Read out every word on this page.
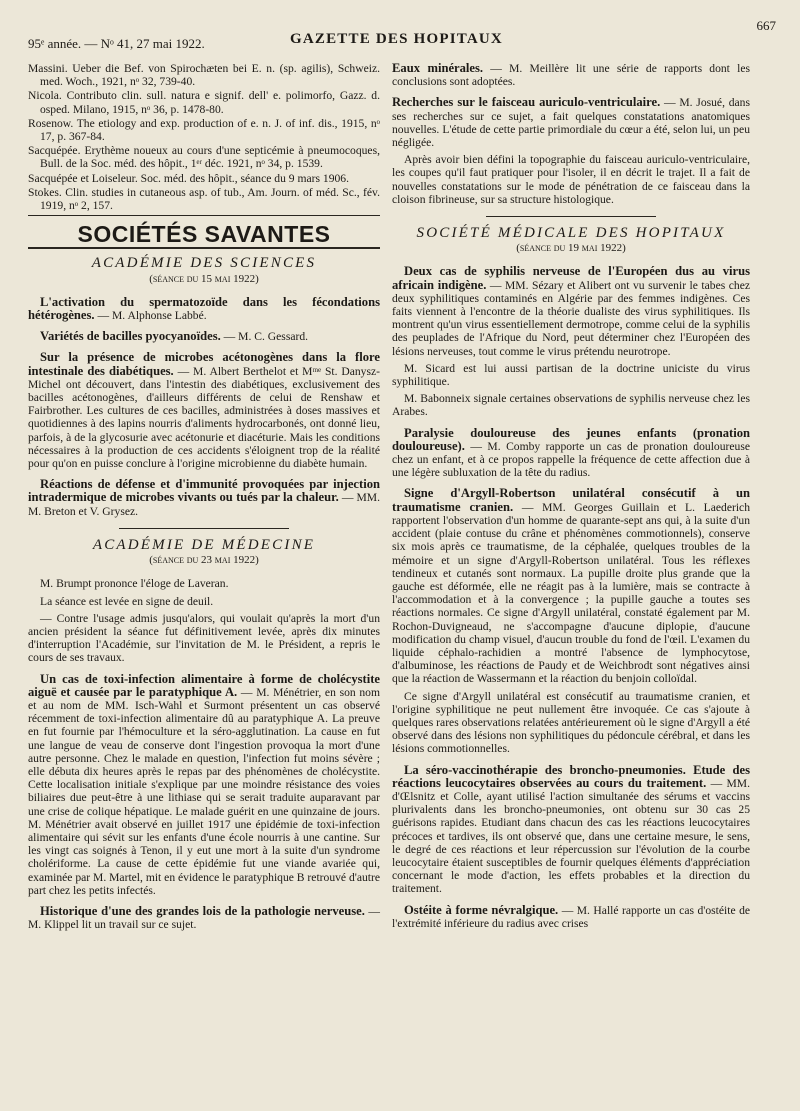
95ᵉ année. — Nᵒ 41, 27 mai 1922.	GAZETTE DES HOPITAUX
667

Massini. Ueber die Bef. von Spirochæten bei E. n. (sp. agilis), Schweiz. med. Woch., 1921, nᵒ 32, 739-40.

Nicola. Contributo clin. sull. natura e signif. dell' e. polimorfo, Gazz. d. osped. Milano, 1915, nᵒ 36, p. 1478-80.

Rosenow. The etiology and exp. production of e. n. J. of inf. dis., 1915, nᵒ 17, p. 367-84.

Sacquépée. Erythème noueux au cours d'une septicémie à pneumocoques, Bull. de la Soc. méd. des hôpit., 1ᵉʳ déc. 1921, nᵒ 34, p. 1539.

Sacquépée et Loiseleur. Soc. méd. des hôpit., séance du 9 mars 1906.

Stokes. Clin. studies in cutaneous asp. of tub., Am. Journ. of méd. Sc., fév. 1919, nᵒ 2, 157.

SOCIÉTÉS SAVANTES
ACADÉMIE DES SCIENCES
(séance du 15 mai 1922)

L'activation du spermatozoïde dans les fécondations hétérogènes. — M. Alphonse Labbé.

Variétés de bacilles pyocyanoïdes. — M. C. Gessard.

Sur la présence de microbes acétonogènes dans la flore intestinale des diabétiques. — M. Albert Berthelot et Mᵐᵉ St. Danysz-Michel ont découvert, dans l'intestin des diabétiques, exclusivement des bacilles acétonogènes, d'ailleurs différents de celui de Renshaw et Fairbrother. Les cultures de ces bacilles, administrées à doses massives et quotidiennes à des lapins nourris d'aliments hydrocarbonés, ont donné lieu, parfois, à de la glycosurie avec acétonurie et diacéturie. Mais les conditions nécessaires à la production de ces accidents s'éloignent trop de la réalité pour qu'on en puisse conclure à l'origine microbienne du diabète humain.

Réactions de défense et d'immunité provoquées par injection intradermique de microbes vivants ou tués par la chaleur. — MM. M. Breton et V. Grysez.

ACADÉMIE DE MÉDECINE
(séance du 23 mai 1922)

M. Brumpt prononce l'éloge de Laveran.

La séance est levée en signe de deuil.

— Contre l'usage admis jusqu'alors, qui voulait qu'après la mort d'un ancien président la séance fut définitivement levée, après dix minutes d'interruption l'Académie, sur l'invitation de M. le Président, a repris le cours de ses travaux.

Un cas de toxi-infection alimentaire à forme de cholécystite aiguë et causée par le paratyphique A. — M. Ménétrier, en son nom et au nom de MM. Isch-Wahl et Surmont présentent un cas observé récemment de toxi-infection alimentaire dû au paratyphique A. La preuve en fut fournie par l'hémoculture et la séro-agglutination. La cause en fut une langue de veau de conserve dont l'ingestion provoqua la mort d'une autre personne. Chez le malade en question, l'infection fut moins sévère ; elle débuta dix heures après le repas par des phénomènes de cholécystite. Cette localisation initiale s'explique par une moindre résistance des voies biliaires due peut-être à une lithiase qui se serait traduite auparavant par une crise de colique hépatique. Le malade guérit en une quinzaine de jours. M. Ménétrier avait observé en juillet 1917 une épidémie de toxi-infection alimentaire qui sévit sur les enfants d'une école nourris à une cantine. Sur les vingt cas soignés à Tenon, il y eut une mort à la suite d'un syndrome cholériforme. La cause de cette épidémie fut une viande avariée qui, examinée par M. Martel, mit en évidence le paratyphique B retrouvé d'autre part chez les petits infectés.

Historique d'une des grandes lois de la pathologie nerveuse. — M. Klippel lit un travail sur ce sujet.

Eaux minérales. — M. Meillère lit une série de rapports dont les conclusions sont adoptées.

Recherches sur le faisceau auriculo-ventriculaire. — M. Josué, dans ses recherches sur ce sujet, a fait quelques constatations anatomiques nouvelles. L'étude de cette partie primordiale du cœur a été, selon lui, un peu négligée.

Après avoir bien défini la topographie du faisceau auriculo-ventriculaire, les coupes qu'il faut pratiquer pour l'isoler, il en décrit le trajet. Il a fait de nouvelles constatations sur le mode de pénétration de ce faisceau dans la cloison fibrineuse, sur sa structure histologique.

SOCIÉTÉ MÉDICALE DES HOPITAUX
(séance du 19 mai 1922)

Deux cas de syphilis nerveuse de l'Européen dus au virus africain indigène. — MM. Sézary et Alibert ont vu survenir le tabes chez deux syphilitiques contaminés en Algérie par des femmes indigènes. Ces faits viennent à l'encontre de la théorie dualiste des virus syphilitiques. Ils montrent qu'un virus essentiellement dermotrope, comme celui de la syphilis des peuplades de l'Afrique du Nord, peut déterminer chez l'Européen des lésions nerveuses, tout comme le virus prétendu neurotrope.

M. Sicard est lui aussi partisan de la doctrine uniciste du virus syphilitique.

M. Babonneix signale certaines observations de syphilis nerveuse chez les Arabes.

Paralysie douloureuse des jeunes enfants (pronation douloureuse). — M. Comby rapporte un cas de pronation douloureuse chez un enfant, et à ce propos rappelle la fréquence de cette affection due à une légère subluxation de la tête du radius.

Signe d'Argyll-Robertson unilatéral consécutif à un traumatisme cranien. — MM. Georges Guillain et L. Laederich rapportent l'observation d'un homme de quarante-sept ans qui, à la suite d'un accident (plaie contuse du crâne et phénomènes commotionnels), conserve six mois après ce traumatisme, de la céphalée, quelques troubles de la mémoire et un signe d'Argyll-Robertson unilatéral. Tous les réflexes tendineux et cutanés sont normaux. La pupille droite plus grande que la gauche est déformée, elle ne réagit pas à la lumière, mais se contracte à l'accommodation et à la convergence ; la pupille gauche a toutes ses réactions normales. Ce signe d'Argyll unilatéral, constaté également par M. Rochon-Duvigneaud, ne s'accompagne d'aucune diplopie, d'aucune modification du champ visuel, d'aucun trouble du fond de l'œil. L'examen du liquide céphalo-rachidien a montré l'absence de lymphocytose, d'albuminose, les réactions de Paudy et de Weichbrodt sont négatives ainsi que la réaction de Wassermann et la réaction du benjoin colloïdal.

Ce signe d'Argyll unilatéral est consécutif au traumatisme cranien, et l'origine syphilitique ne peut nullement être invoquée. Ce cas s'ajoute à quelques rares observations relatées antérieurement où le signe d'Argyll a été observé dans des lésions non syphilitiques du pédoncule cérébral, et dans les lésions commotionnelles.

La séro-vaccinothérapie des broncho-pneumonies. Etude des réactions leucocytaires observées au cours du traitement. — MM. d'Œlsnitz et Colle, ayant utilisé l'action simultanée des sérums et vaccins plurivalents dans les broncho-pneumonies, ont obtenu sur 30 cas 25 guérisons rapides. Etudiant dans chacun des cas les réactions leucocytaires précoces et tardives, ils ont observé que, dans une certaine mesure, le sens, le degré de ces réactions et leur répercussion sur l'évolution de la courbe leucocytaire étaient susceptibles de fournir quelques éléments d'appréciation concernant le mode d'action, les effets probables et la direction du traitement.

Ostéite à forme névralgique. — M. Hallé rapporte un cas d'ostéite de l'extrémité inférieure du radius avec crises
